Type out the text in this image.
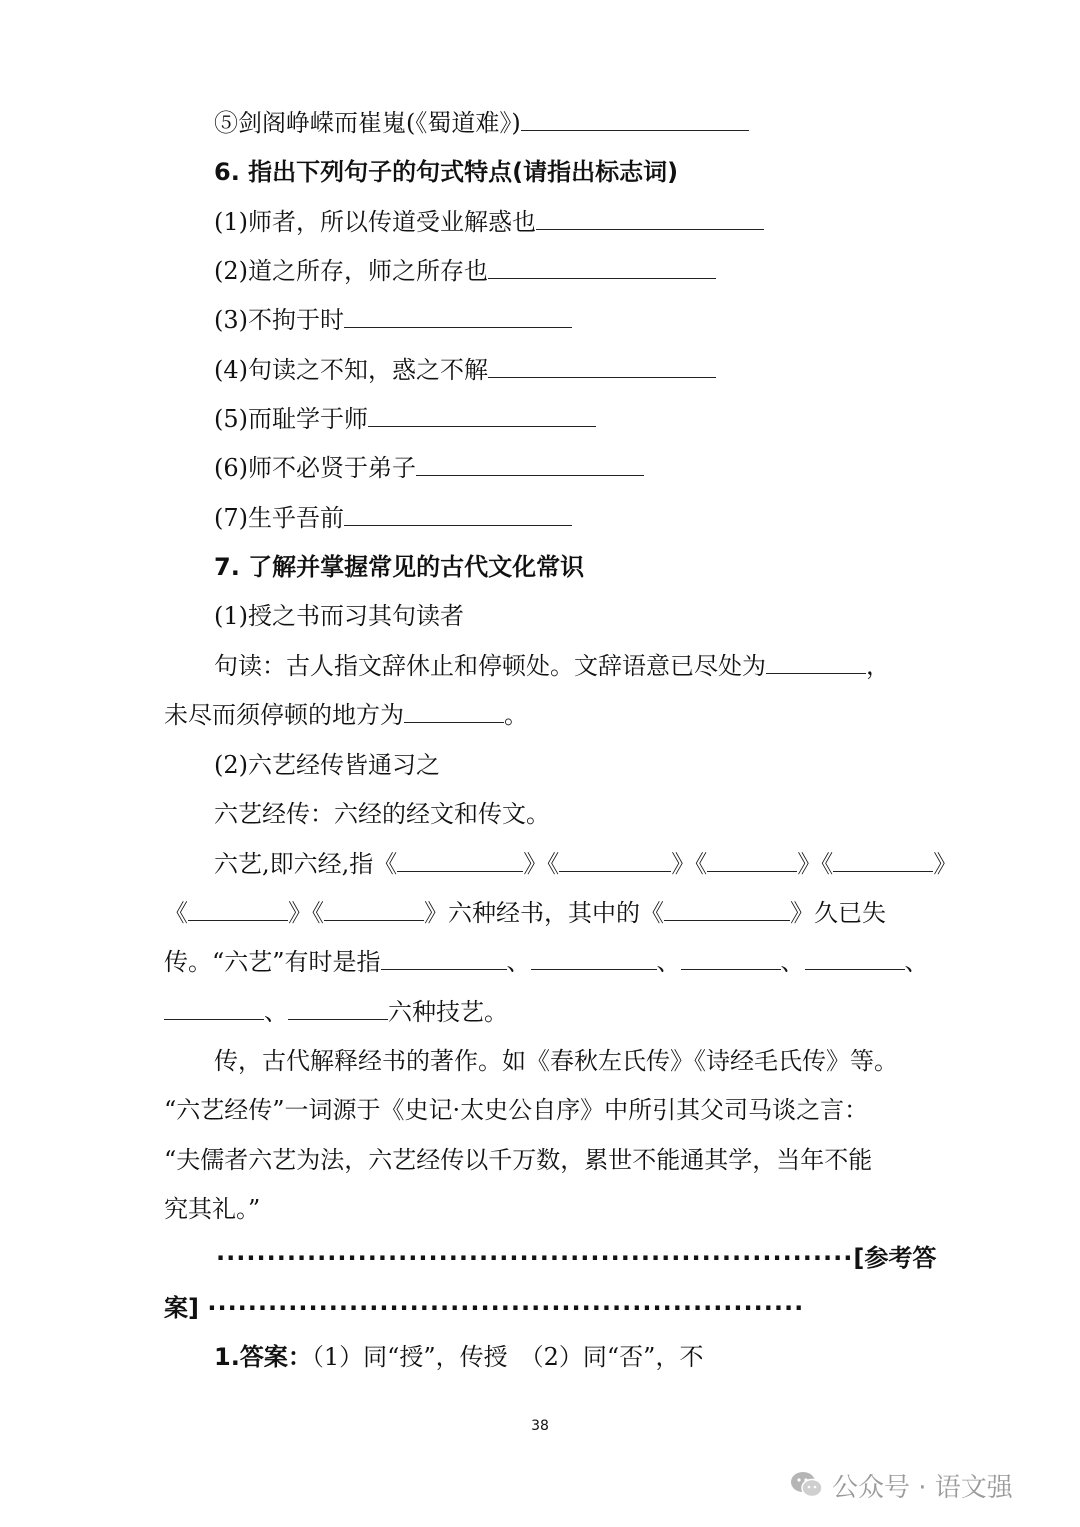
⑤剑阁峥嵘而崔嵬(《蜀道难》)
6. 指出下列句子的句式特点(请指出标志词)
(1)师者，所以传道受业解惑也
(2)道之所存，师之所存也
(3)不拘于时
(4)句读之不知，惑之不解
(5)而耻学于师
(6)师不必贤于弟子
(7)生乎吾前
7. 了解并掌握常见的古代文化常识
(1)授之书而习其句读者
句读：古人指文辞休止和停顿处。文辞语意已尽处为	，
未尽而须停顿的地方为	。
(2)六艺经传皆通习之
六艺经传：六经的经文和传文。
六艺,即六经,指《	》《	》《	》《	》
《	》《	》六种经书，其中的《	》久已失
传。“六艺”有时是指	、	、	、	、
、	六种技艺。
传，古代解释经书的著作。如《春秋左氏传》《诗经毛氏传》等。
“六艺经传”一词源于《史记·太史公自序》中所引其父司马谈之言：
“夫儒者六艺为法，六艺经传以千万数，累世不能通其学，当年不能
究其礼。”
·······························································[参考答
案] ···························································
1.答案：（1）同“授”，传授　（2）同“否”，不
38
公众号 · 语文强
